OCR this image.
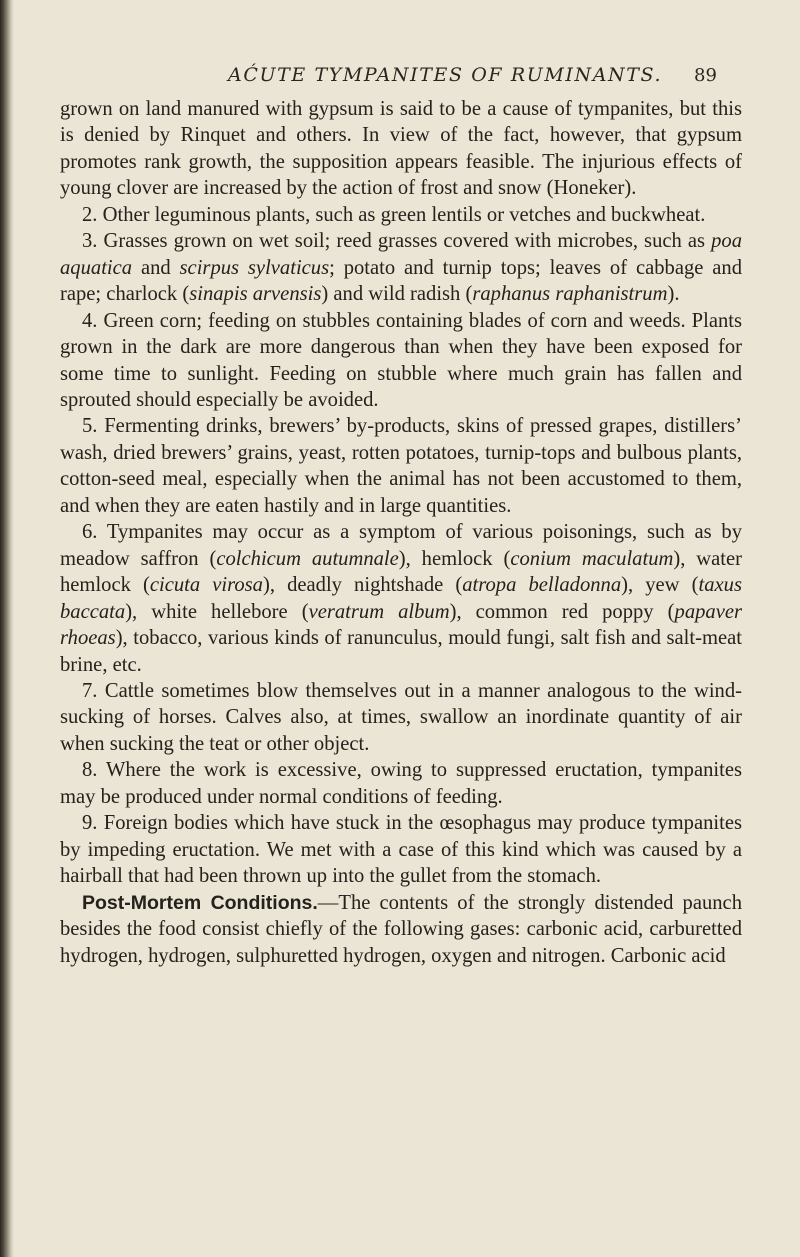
AĆUTE TYMPANITES OF RUMINANTS. 89

grown on land manured with gypsum is said to be a cause of tympanites, but this is denied by Rinquet and others. In view of the fact, however, that gypsum promotes rank growth, the supposition appears feasible. The injurious effects of young clover are increased by the action of frost and snow (Honeker).

2. Other leguminous plants, such as green lentils or vetches and buckwheat.

3. Grasses grown on wet soil; reed grasses covered with microbes, such as poa aquatica and scirpus sylvaticus; potato and turnip tops; leaves of cabbage and rape; charlock (sinapis arvensis) and wild radish (raphanus raphanistrum).

4. Green corn; feeding on stubbles containing blades of corn and weeds. Plants grown in the dark are more dangerous than when they have been exposed for some time to sunlight. Feeding on stubble where much grain has fallen and sprouted should especially be avoided.

5. Fermenting drinks, brewers’ by-products, skins of pressed grapes, distillers’ wash, dried brewers’ grains, yeast, rotten potatoes, turnip-tops and bulbous plants, cotton-seed meal, especially when the animal has not been accustomed to them, and when they are eaten hastily and in large quantities.

6. Tympanites may occur as a symptom of various poisonings, such as by meadow saffron (colchicum autumnale), hemlock (conium maculatum), water hemlock (cicuta virosa), deadly nightshade (atropa belladonna), yew (taxus baccata), white hellebore (veratrum album), common red poppy (papaver rhoeas), tobacco, various kinds of ranunculus, mould fungi, salt fish and salt-meat brine, etc.

7. Cattle sometimes blow themselves out in a manner analogous to the wind-sucking of horses. Calves also, at times, swallow an inordinate quantity of air when sucking the teat or other object.

8. Where the work is excessive, owing to suppressed eructation, tympanites may be produced under normal conditions of feeding.

9. Foreign bodies which have stuck in the œsophagus may produce tympanites by impeding eructation. We met with a case of this kind which was caused by a hairball that had been thrown up into the gullet from the stomach.

Post-Mortem Conditions.—The contents of the strongly distended paunch besides the food consist chiefly of the following gases: carbonic acid, carburetted hydrogen, hydrogen, sulphuretted hydrogen, oxygen and nitrogen. Carbonic acid
